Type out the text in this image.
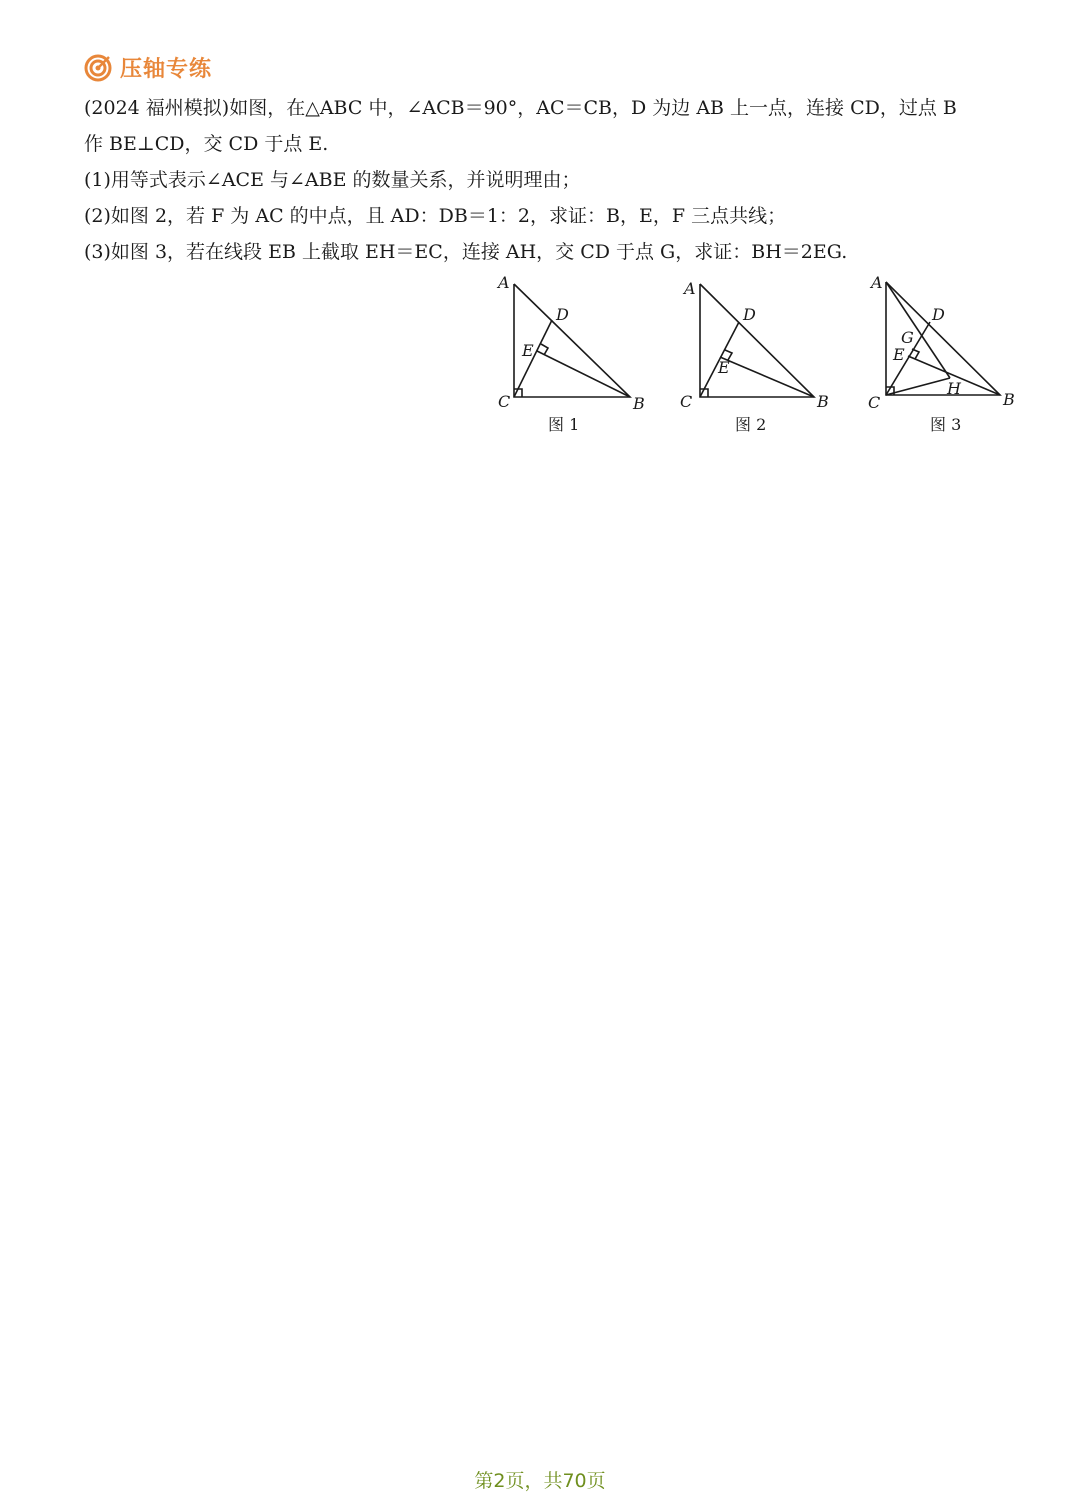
压轴专练

(2024 福州模拟)如图，在△ABC 中，∠ACB＝90°，AC＝CB，D 为边 AB 上一点，连接 CD，过点 B

作 BE⊥CD，交 CD 于点 E.

(1)用等式表示∠ACE 与∠ABE 的数量关系，并说明理由；

(2)如图 2，若 F 为 AC 的中点，且 AD：DB＝1：2，求证：B，E，F 三点共线；

(3)如图 3，若在线段 EB 上截取 EH＝EC，连接 AH，交 CD 于点 G，求证：BH＝2EG.

A
D
E
C	B
图 1
A
D
E
C	B
图 2
A
D
G
E
H
C	B
图 3
第2页，共70页
